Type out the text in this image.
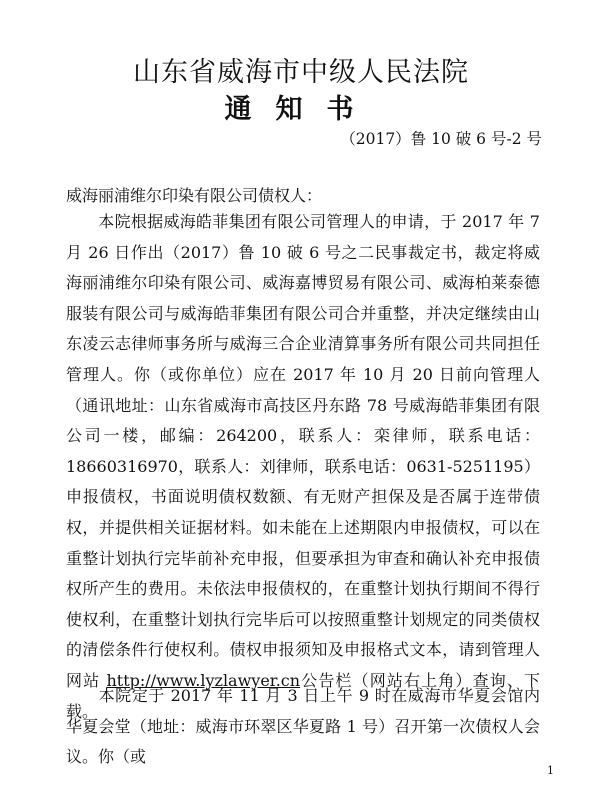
山东省威海市中级人民法院
通知书
（2017）鲁 10 破 6 号-2 号
威海丽浦维尔印染有限公司债权人：
本院根据威海皓菲集团有限公司管理人的申请，于 2017 年 7 月 26 日作出（2017）鲁 10 破 6 号之二民事裁定书，裁定将威海丽浦维尔印染有限公司、威海嘉博贸易有限公司、威海柏莱泰德服装有限公司与威海皓菲集团有限公司合并重整，并决定继续由山东凌云志律师事务所与威海三合企业清算事务所有限公司共同担任管理人。你（或你单位）应在 2017 年 10 月 20 日前向管理人（通讯地址：山东省威海市高技区丹东路 78 号威海皓菲集团有限公司一楼，邮编：264200，联系人：栾律师，联系电话：18660316970，联系人：刘律师，联系电话：0631-5251195）申报债权，书面说明债权数额、有无财产担保及是否属于连带债权，并提供相关证据材料。如未能在上述期限内申报债权，可以在重整计划执行完毕前补充申报，但要承担为审查和确认补充申报债权所产生的费用。未依法申报债权的，在重整计划执行期间不得行使权利，在重整计划执行完毕后可以按照重整计划规定的同类债权的清偿条件行使权利。债权申报须知及申报格式文本，请到管理人网站 http://www.lyzlawyer.cn公告栏（网站右上角）查询、下载。
本院定于 2017 年 11 月 3 日上午 9 时在威海市华夏会馆内华夏会堂（地址：威海市环翠区华夏路 1 号）召开第一次债权人会议。你（或
1
